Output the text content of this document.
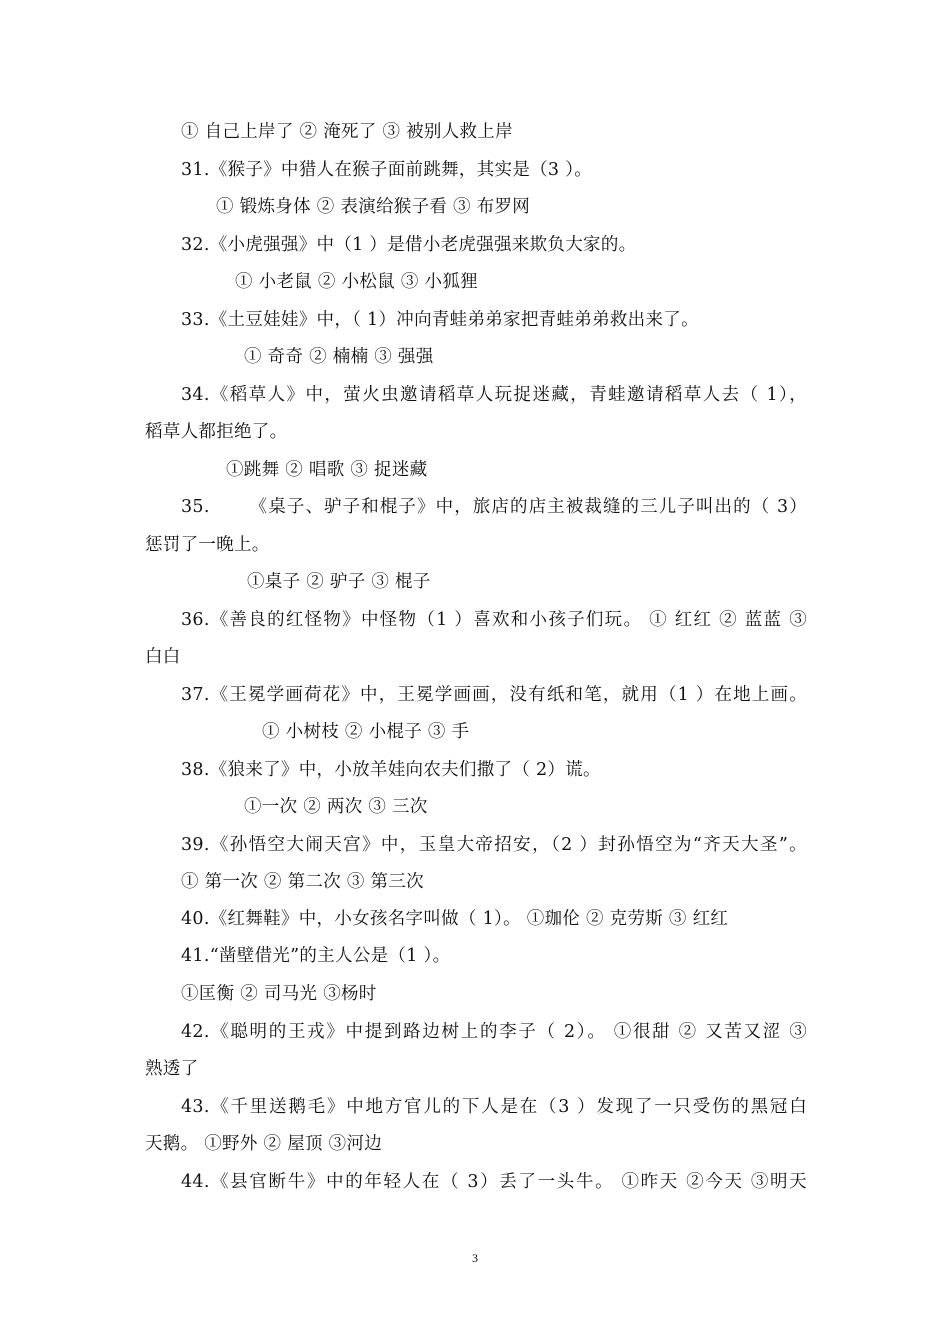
① 自己上岸了 ② 淹死了 ③ 被别人救上岸
31.《猴子》中猎人在猴子面前跳舞，其实是（3 ）。
① 锻炼身体 ② 表演给猴子看 ③ 布罗网
32.《小虎强强》中（1 ）是借小老虎强强来欺负大家的。
① 小老鼠 ② 小松鼠 ③ 小狐狸
33.《土豆娃娃》中，（ 1）冲向青蛙弟弟家把青蛙弟弟救出来了。
① 奇奇 ② 楠楠 ③ 强强
34.《稻草人》中，萤火虫邀请稻草人玩捉迷藏，青蛙邀请稻草人去（ 1），
稻草人都拒绝了。
①跳舞 ② 唱歌 ③ 捉迷藏
35.      《桌子、驴子和棍子》中，旅店的店主被裁缝的三儿子叫出的（ 3）
惩罚了一晚上。
①桌子 ② 驴子 ③ 棍子
36.《善良的红怪物》中怪物（1 ）喜欢和小孩子们玩。 ① 红红 ② 蓝蓝 ③
白白
37.《王冕学画荷花》中，王冕学画画，没有纸和笔，就用（1 ）在地上画。
① 小树枝 ② 小棍子 ③ 手
38.《狼来了》中，小放羊娃向农夫们撒了（ 2）谎。
①一次 ② 两次 ③ 三次
39.《孙悟空大闹天宫》中，玉皇大帝招安，（2 ）封孙悟空为“齐天大圣”。
① 第一次 ② 第二次 ③ 第三次
40.《红舞鞋》中，小女孩名字叫做（ 1）。 ①珈伦 ② 克劳斯 ③ 红红
41.“凿壁借光”的主人公是（1 ）。
①匡衡 ② 司马光 ③杨时
42.《聪明的王戎》中提到路边树上的李子（ 2）。 ①很甜 ② 又苦又涩 ③
熟透了
43.《千里送鹅毛》中地方官儿的下人是在（3 ）发现了一只受伤的黑冠白
天鹅。 ①野外 ② 屋顶 ③河边
44.《县官断牛》中的年轻人在（ 3）丢了一头牛。 ①昨天 ②今天 ③明天
3
